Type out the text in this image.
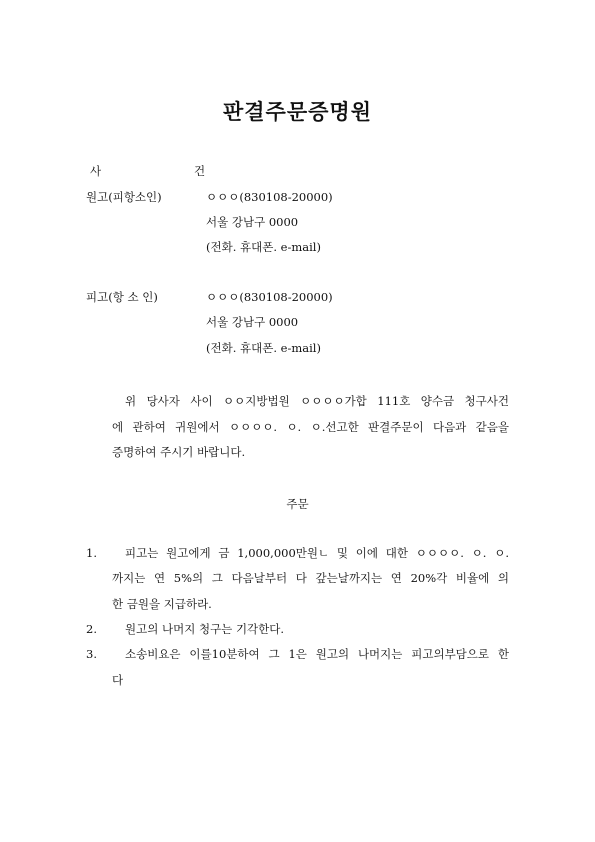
판결주문증명원
사	건
원고(피항소인)	ㅇㅇㅇ(830108-20000)
서울 강남구 0000
(전화. 휴대폰. e-mail)
피고(항 소 인)	ㅇㅇㅇ(830108-20000)
서울 강남구 0000
(전화. 휴대폰. e-mail)
위 당사자 사이 ㅇㅇ지방법원 ㅇㅇㅇㅇ가합 111호 양수금 청구사건
에 관하여 귀원에서 ㅇㅇㅇㅇ. ㅇ. ㅇ.선고한 판결주문이 다음과 같음을
증명하여 주시기 바랍니다.
주문
1. 피고는 원고에게 금 1,000,000만원ㄴ 및 이에 대한 ㅇㅇㅇㅇ. ㅇ. ㅇ.
까지는 연 5%의 그 다음날부터 다 갚는날까지는 연 20%각 비율에 의
한 금원을 지급하라.
2. 원고의 나머지 청구는 기각한다.
3. 소송비요은 이를10분하여 그 1은 원고의 나머지는 피고의부담으로 한
다
